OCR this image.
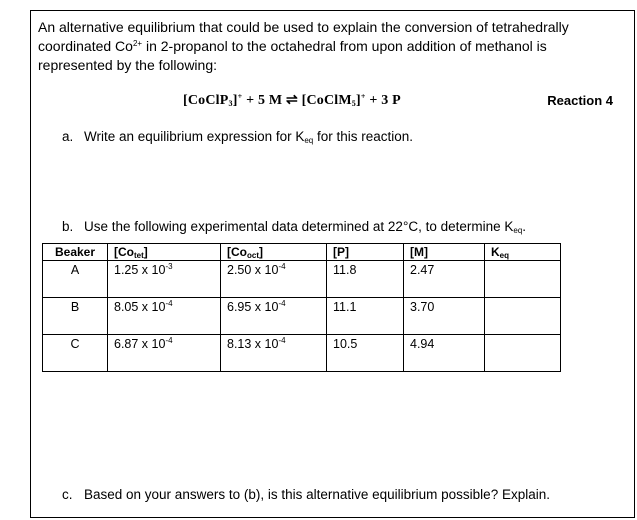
An alternative equilibrium that could be used to explain the conversion of tetrahedrally coordinated $Co^{2+}$ in 2-propanol to the octahedral from upon addition of methanol is represented by the following:
[CoClP$_3$]+ + 5 M ⇌ [CoClM$_5$]+ + 3 P	Reaction 4
a. Write an equilibrium expression for $K_{eq}$ for this reaction.
b. Use the following experimental data determined at 22°C, to determine $K_{eq}$.
Beaker	$[Co_{tet}]$	$[Co_{oct}]$	[P]	[M]	$K_{eq}$
A	1.25 x $10^{-3}$	2.50 x $10^{-4}$	11.8	2.47	
B	8.05 x $10^{-4}$	6.95 x $10^{-4}$	11.1	3.70	
C	6.87 x $10^{-4}$	8.13 x $10^{-4}$	10.5	4.94	
c. Based on your answers to (b), is this alternative equilibrium possible? Explain.
